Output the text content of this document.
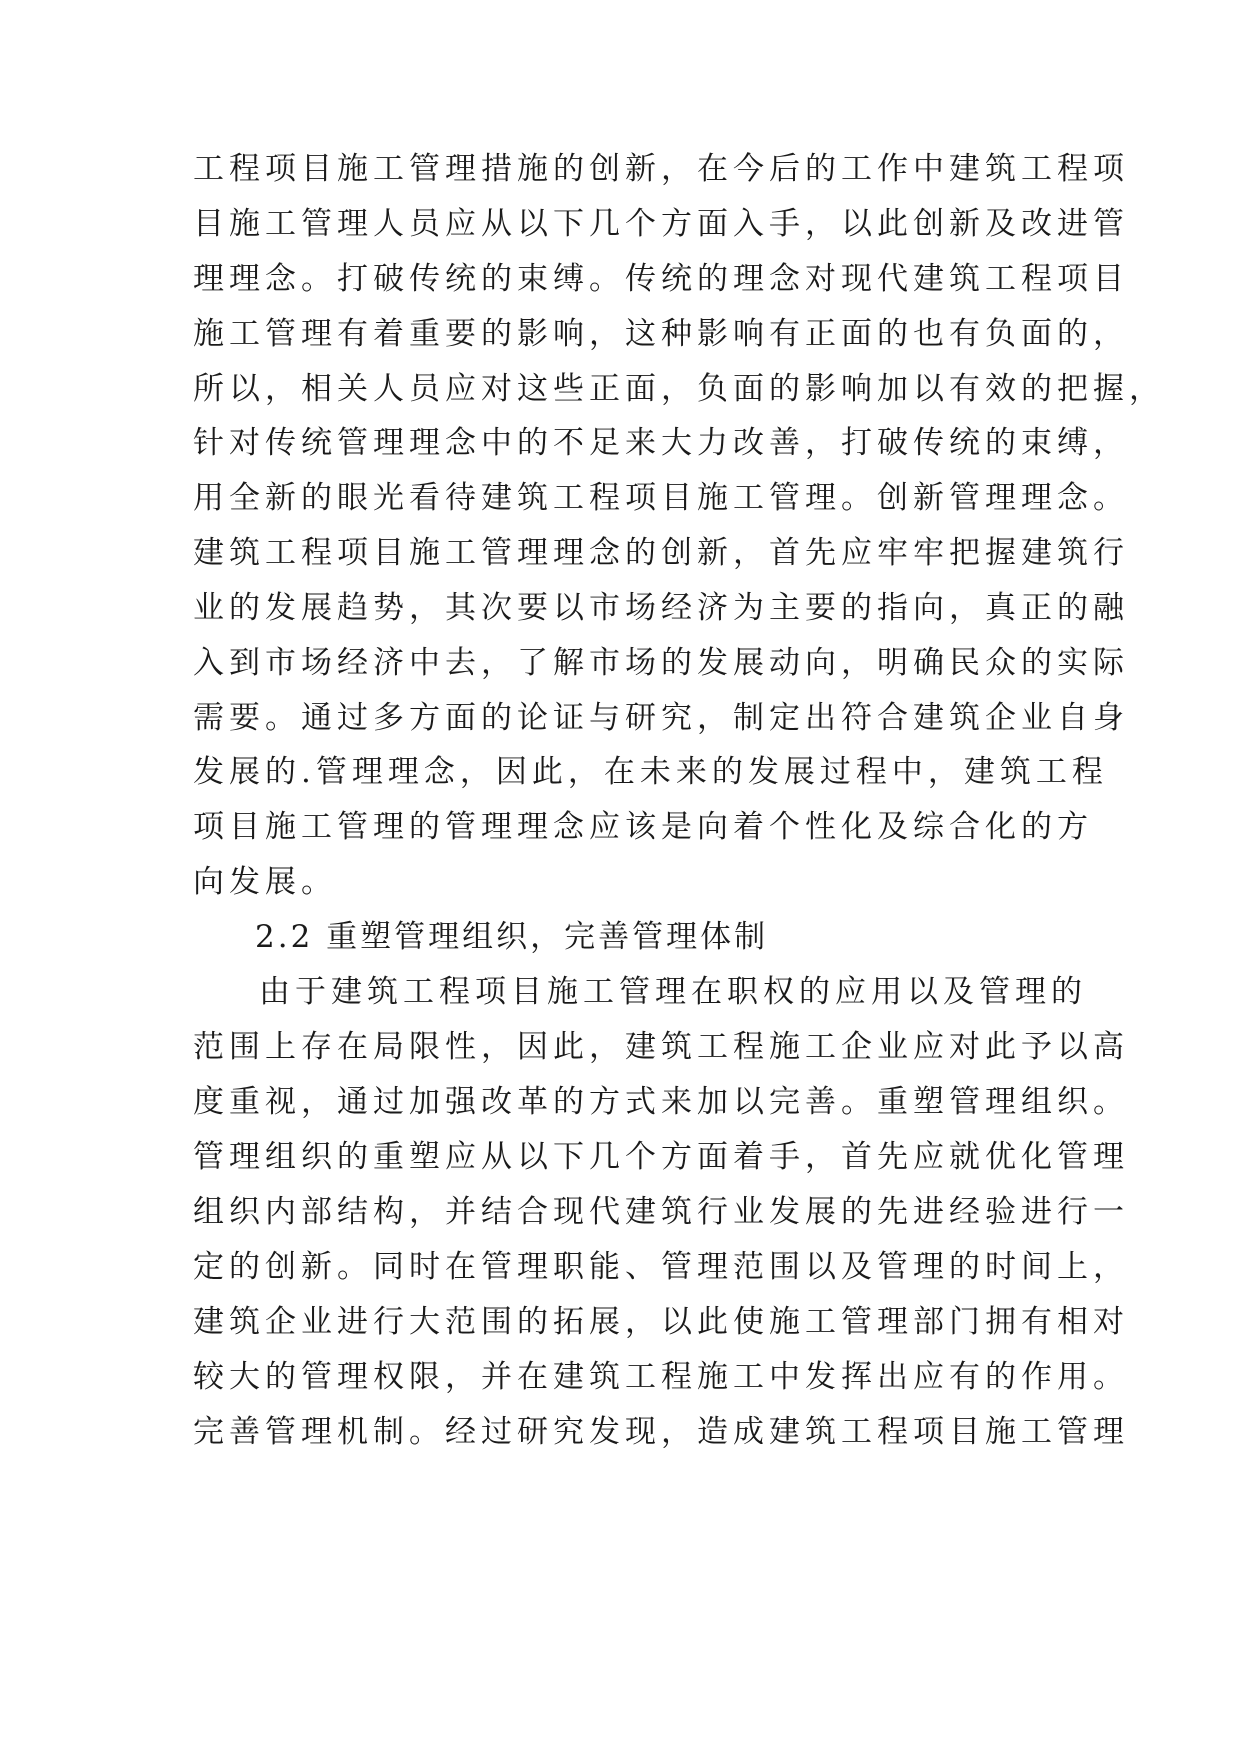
工程项目施工管理措施的创新，在今后的工作中建筑工程项
目施工管理人员应从以下几个方面入手，以此创新及改进管
理理念。打破传统的束缚。传统的理念对现代建筑工程项目
施工管理有着重要的影响，这种影响有正面的也有负面的，
所以，相关人员应对这些正面，负面的影响加以有效的把握，
针对传统管理理念中的不足来大力改善，打破传统的束缚，
用全新的眼光看待建筑工程项目施工管理。创新管理理念。
建筑工程项目施工管理理念的创新，首先应牢牢把握建筑行
业的发展趋势，其次要以市场经济为主要的指向，真正的融
入到市场经济中去，了解市场的发展动向，明确民众的实际
需要。通过多方面的论证与研究，制定出符合建筑企业自身
发展的.管理理念，因此，在未来的发展过程中，建筑工程
项目施工管理的管理理念应该是向着个性化及综合化的方
向发展。
2.2 重塑管理组织，完善管理体制
由于建筑工程项目施工管理在职权的应用以及管理的
范围上存在局限性，因此，建筑工程施工企业应对此予以高
度重视，通过加强改革的方式来加以完善。重塑管理组织。
管理组织的重塑应从以下几个方面着手，首先应就优化管理
组织内部结构，并结合现代建筑行业发展的先进经验进行一
定的创新。同时在管理职能、管理范围以及管理的时间上，
建筑企业进行大范围的拓展，以此使施工管理部门拥有相对
较大的管理权限，并在建筑工程施工中发挥出应有的作用。
完善管理机制。经过研究发现，造成建筑工程项目施工管理
